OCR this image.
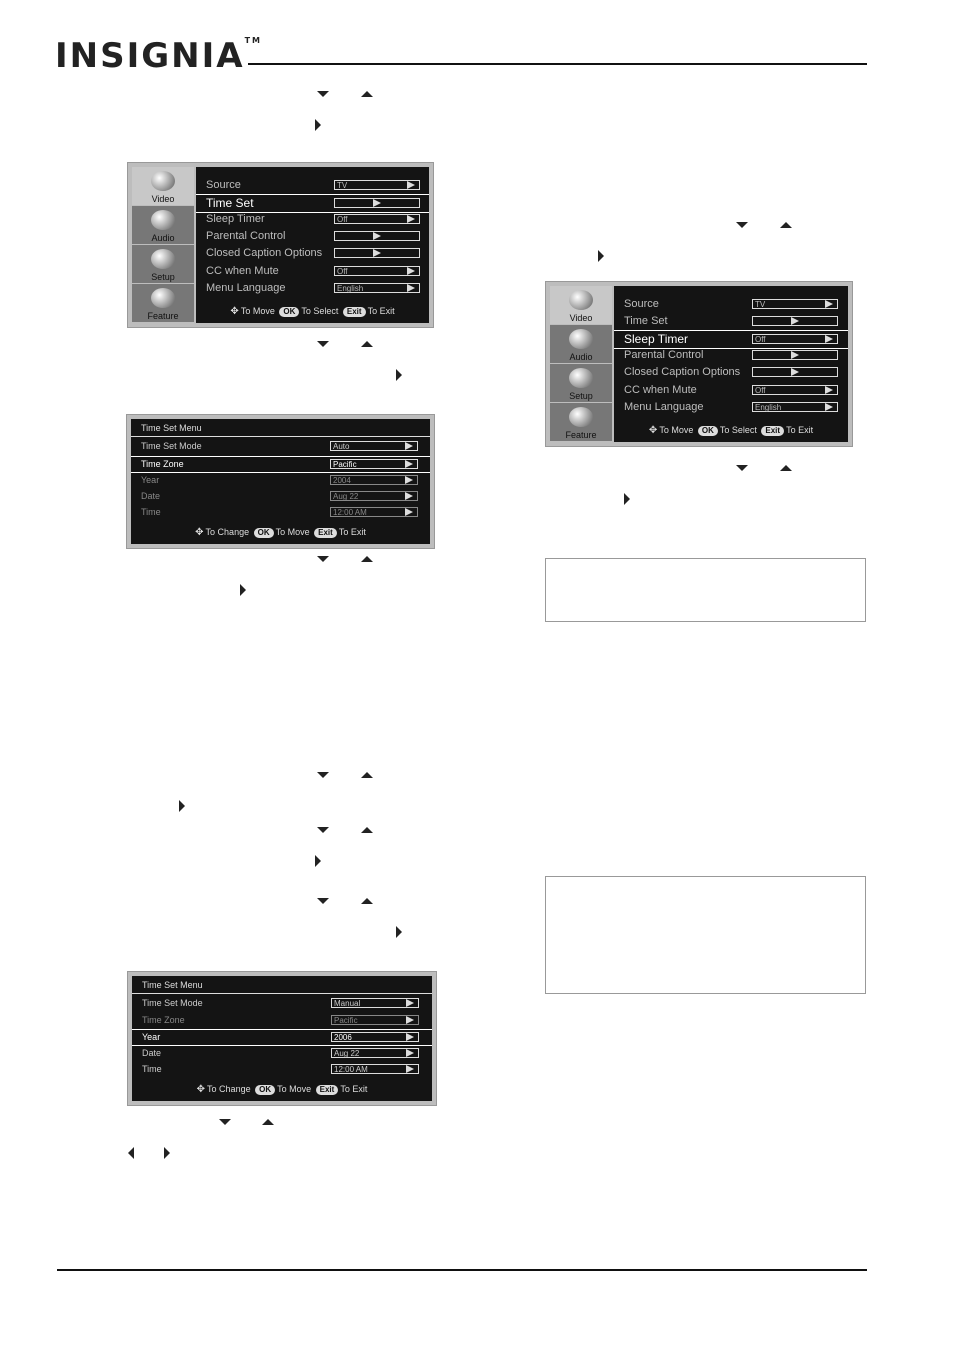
INSIGNIA™
Video
Audio
Setup
Feature
Source	TV
Time Set
Sleep Timer	Off
Parental Control
Closed Caption Options
CC when Mute	Off
Menu Language	English
✥ To Move OK To Select Exit To Exit
Time Set Menu
Time Set Mode	Auto
Time Zone	Pacific
Year	2004
Date	Aug 22
Time	12:00 AM
✥ To Change OK To Move Exit To Exit
Time Set Menu
Time Set Mode	Manual
Time Zone	Pacific
Year	2006
Date	Aug 22
Time	12:00 AM
✥ To Change OK To Move Exit To Exit
Video
Audio
Setup
Feature
Source	TV
Time Set
Sleep Timer	Off
Parental Control
Closed Caption Options
CC when Mute	Off
Menu Language	English
✥ To Move OK To Select Exit To Exit
